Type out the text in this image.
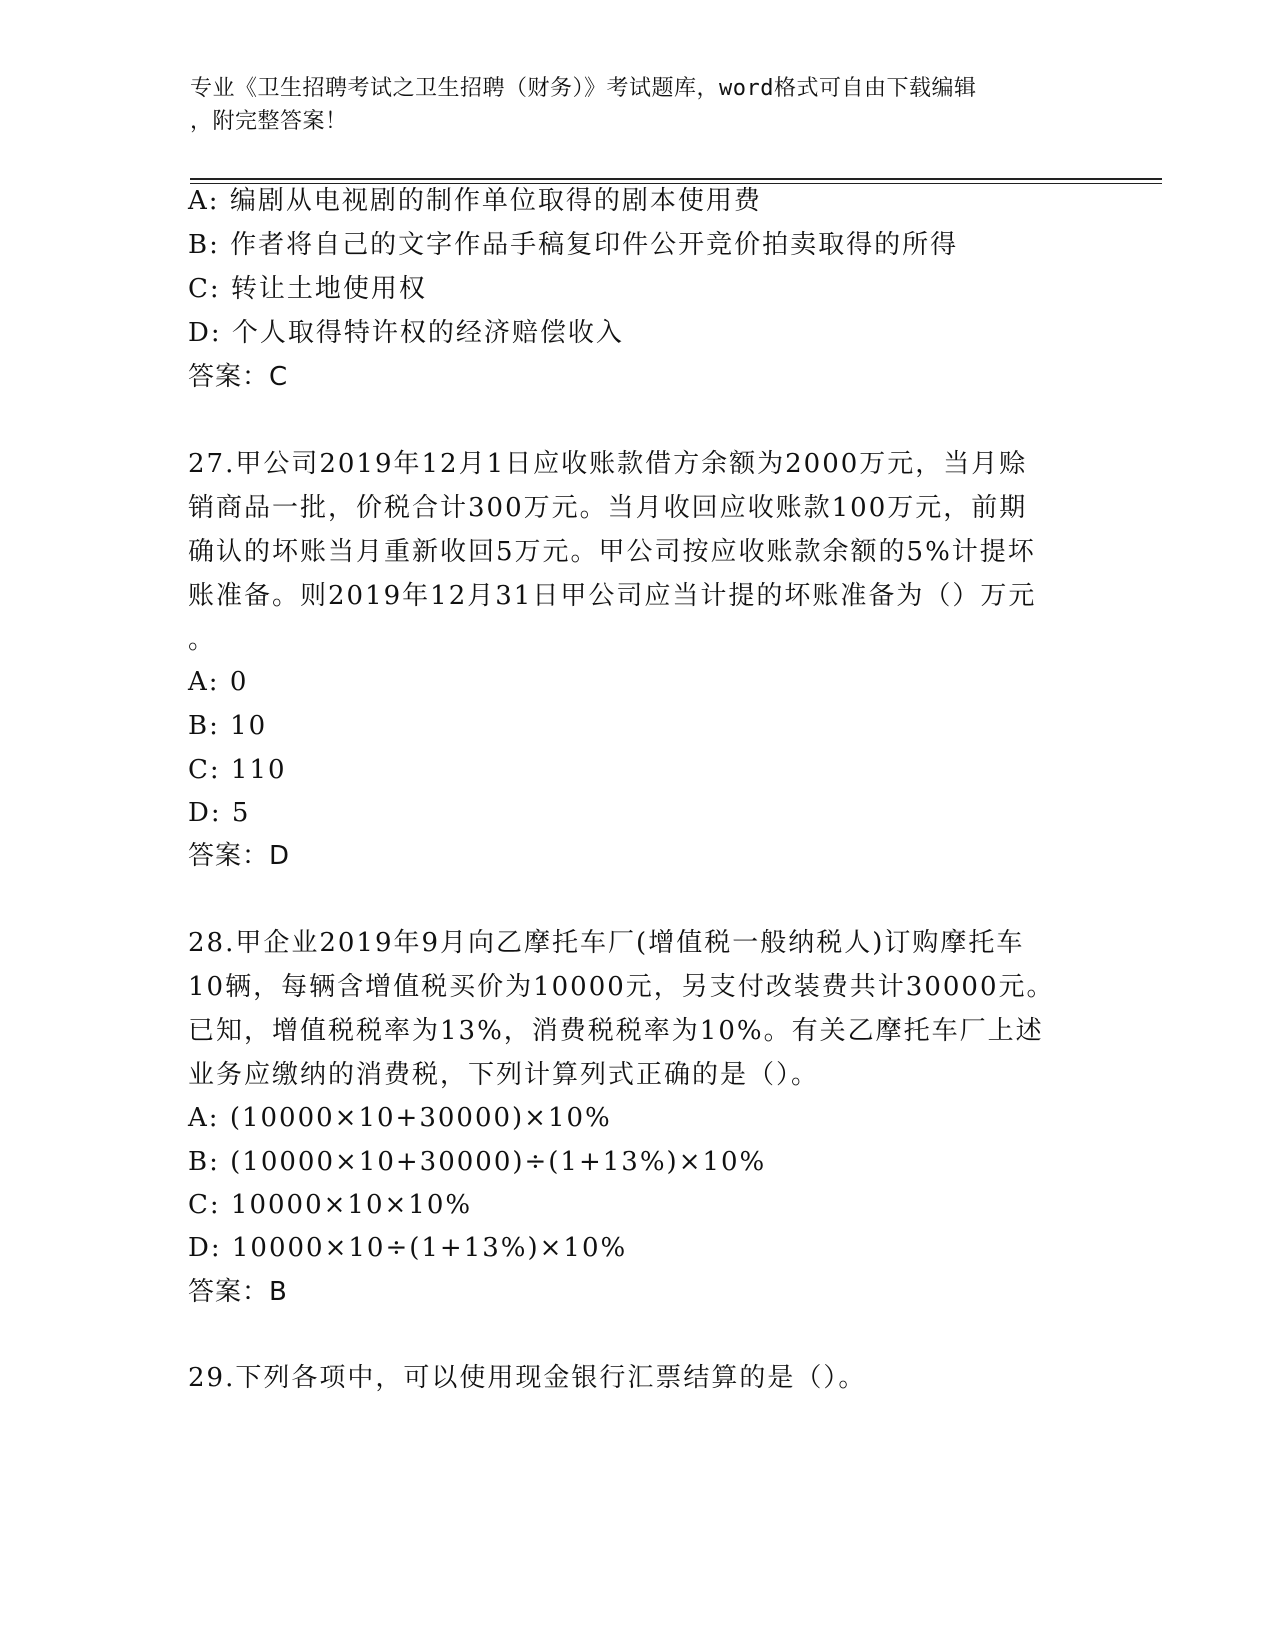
专业《卫生招聘考试之卫生招聘（财务）》考试题库，word格式可自由下载编辑
，附完整答案！
A: 编剧从电视剧的制作单位取得的剧本使用费
B: 作者将自己的文字作品手稿复印件公开竞价拍卖取得的所得
C: 转让土地使用权
D: 个人取得特许权的经济赔偿收入
答案：C
27.甲公司2019年12月1日应收账款借方余额为2000万元，当月赊
销商品一批，价税合计300万元。当月收回应收账款100万元，前期
确认的坏账当月重新收回5万元。甲公司按应收账款余额的5%计提坏
账准备。则2019年12月31日甲公司应当计提的坏账准备为（）万元
。
A: 0
B: 10
C: 110
D: 5
答案：D
28.甲企业2019年9月向乙摩托车厂(增值税一般纳税人)订购摩托车
10辆，每辆含增值税买价为10000元，另支付改装费共计30000元。
已知，增值税税率为13%，消费税税率为10%。有关乙摩托车厂上述
业务应缴纳的消费税，下列计算列式正确的是（）。
A: (10000×10+30000)×10%
B: (10000×10+30000)÷(1+13%)×10%
C: 10000×10×10%
D: 10000×10÷(1+13%)×10%
答案：B
29.下列各项中，可以使用现金银行汇票结算的是（）。
